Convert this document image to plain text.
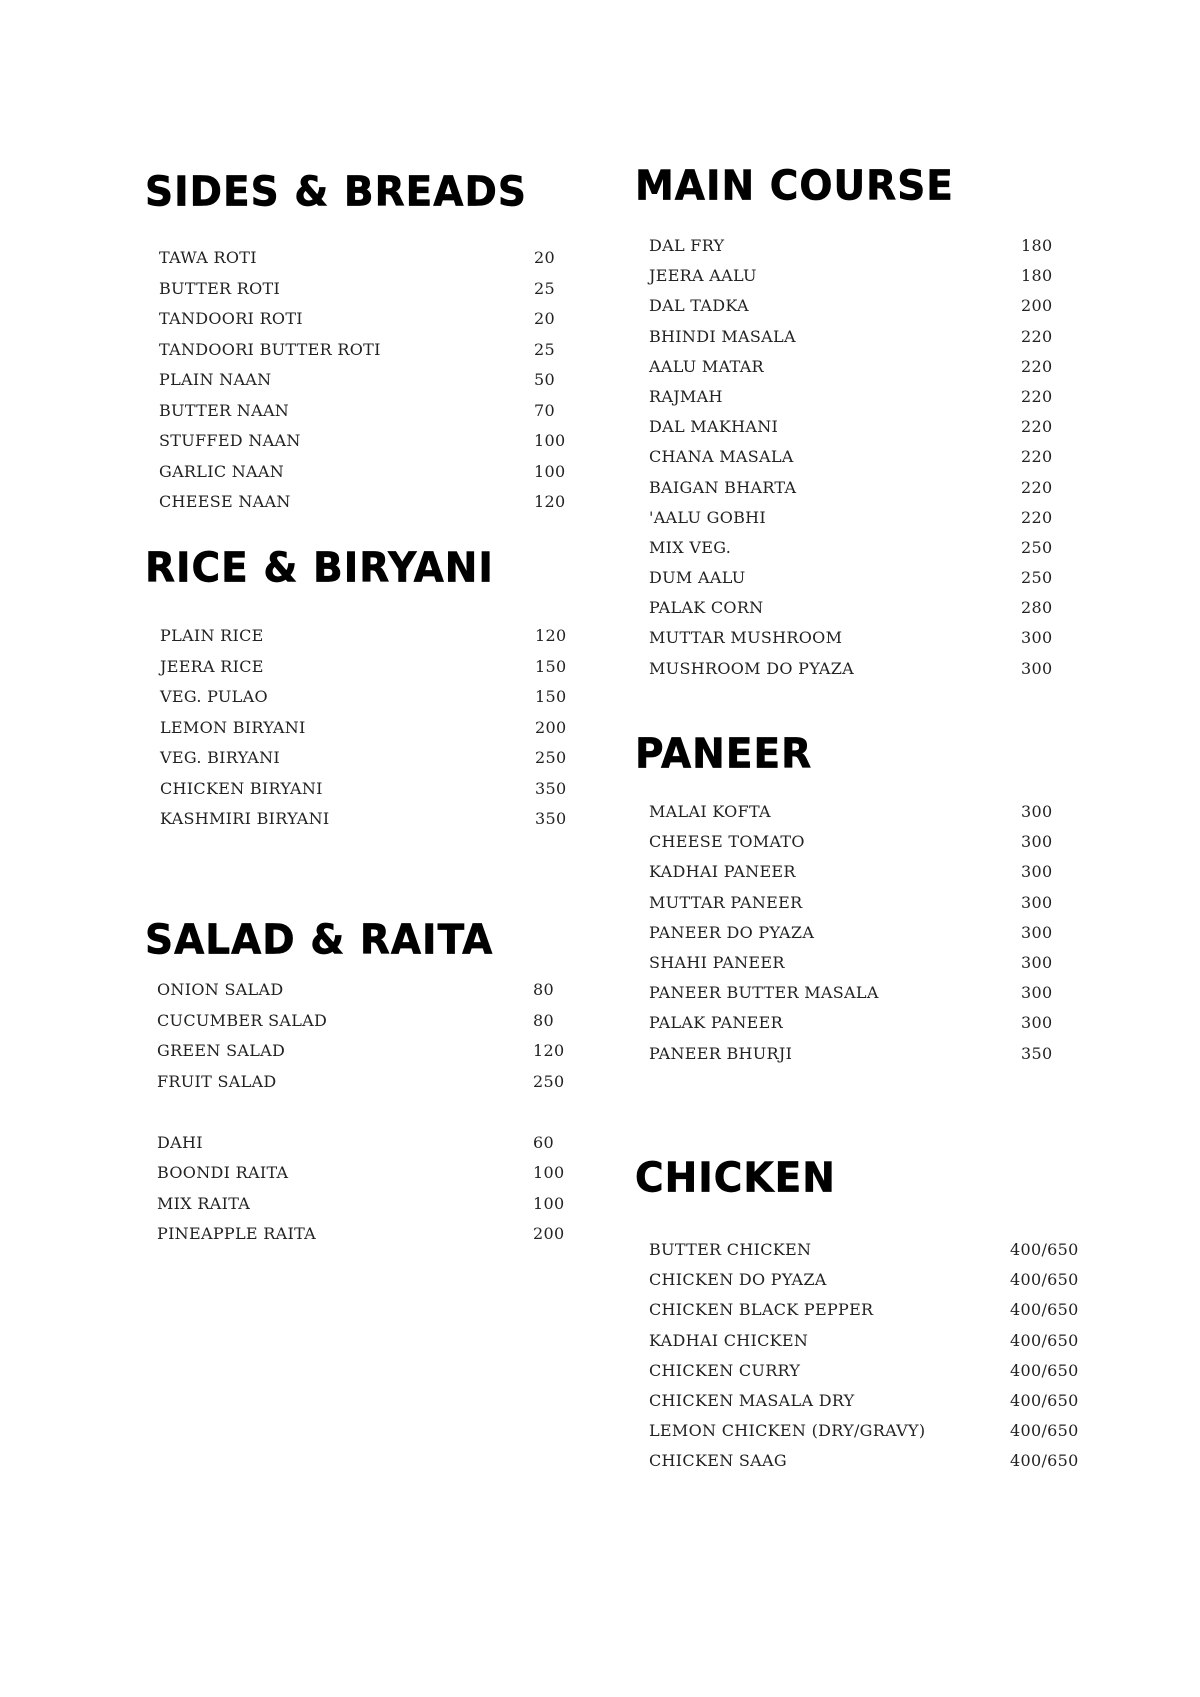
SIDES & BREADS
TAWA ROTI	20
BUTTER ROTI	25
TANDOORI ROTI	20
TANDOORI BUTTER ROTI	25
PLAIN NAAN	50
BUTTER NAAN	70
STUFFED NAAN	100
GARLIC NAAN	100
CHEESE NAAN	120
RICE & BIRYANI
PLAIN RICE	120
JEERA RICE	150
VEG. PULAO	150
LEMON BIRYANI	200
VEG. BIRYANI	250
CHICKEN BIRYANI	350
KASHMIRI BIRYANI	350
SALAD & RAITA
ONION SALAD	80
CUCUMBER SALAD	80
GREEN SALAD	120
FRUIT SALAD	250
DAHI	60
BOONDI RAITA	100
MIX RAITA	100
PINEAPPLE RAITA	200
MAIN COURSE
DAL FRY	180
JEERA AALU	180
DAL TADKA	200
BHINDI MASALA	220
AALU MATAR	220
RAJMAH	220
DAL MAKHANI	220
CHANA MASALA	220
BAIGAN BHARTA	220
'AALU GOBHI	220
MIX VEG.	250
DUM AALU	250
PALAK CORN	280
MUTTAR MUSHROOM	300
MUSHROOM DO PYAZA	300
PANEER
MALAI KOFTA	300
CHEESE TOMATO	300
KADHAI PANEER	300
MUTTAR PANEER	300
PANEER DO PYAZA	300
SHAHI PANEER	300
PANEER BUTTER MASALA	300
PALAK PANEER	300
PANEER BHURJI	350
CHICKEN
BUTTER CHICKEN	400/650
CHICKEN DO PYAZA	400/650
CHICKEN BLACK PEPPER	400/650
KADHAI CHICKEN	400/650
CHICKEN CURRY	400/650
CHICKEN MASALA DRY	400/650
LEMON CHICKEN (DRY/GRAVY)	400/650
CHICKEN SAAG	400/650
